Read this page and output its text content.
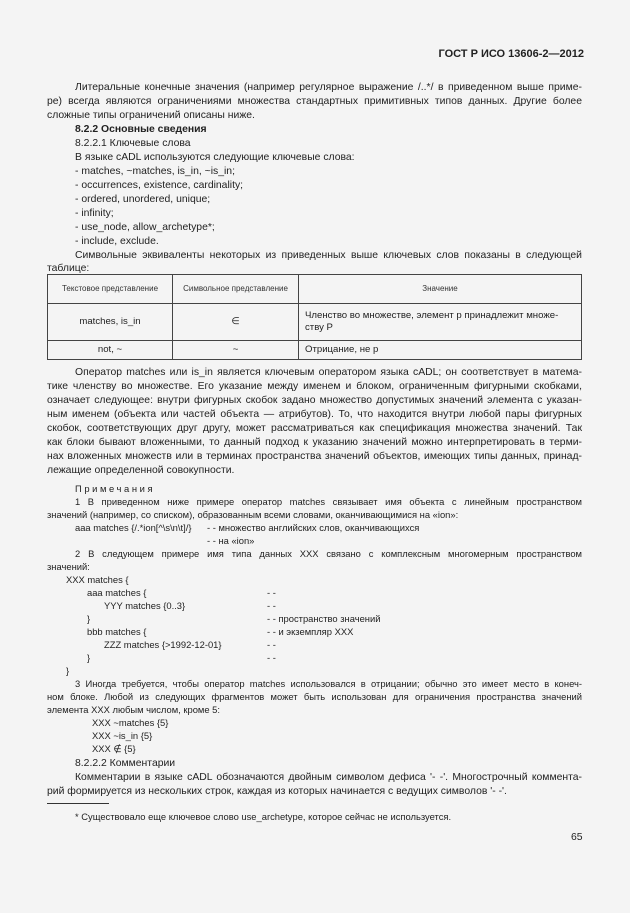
ГОСТ Р ИСО 13606-2—2012
Литеральные конечные значения (например регулярное выражение /..*/ в приведенном выше приме-
ре) всегда являются ограничениями множества стандартных примитивных типов данных. Другие более
сложные типы ограничений описаны ниже.
8.2.2 Основные сведения
8.2.2.1 Ключевые слова
В языке cADL используются следующие ключевые слова:
- matches, ~matches, is_in, ~is_in;
- occurrences, existence, cardinality;
- ordered, unordered, unique;
- infinity;
- use_node, allow_archetype*;
- include, exclude.
Символьные эквиваленты некоторых из приведенных выше ключевых слов показаны в следующей
таблице:
Текстовое представление	Символьное представление	Значение
matches, is_in	∈	Членство во множестве, элемент р принадлежит множе-ству Р
not, ~	~	Отрицание, не р
Оператор matches или is_in является ключевым оператором языка cADL; он соответствует в матема-
тике членству во множестве. Его указание между именем и блоком, ограниченным фигурными скобками,
означает следующее: внутри фигурных скобок задано множество допустимых значений элемента с указан-
ным именем (объекта или частей объекта — атрибутов). То, что находится внутри любой пары фигурных
скобок, соответствующих друг другу, может рассматриваться как спецификация множества значений. Так
как блоки бывают вложенными, то данный подход к указанию значений можно интерпретировать в терми-
нах вложенных множеств или в терминах пространства значений объектов, имеющих типы данных, принад-
лежащие определенной совокупности.
Примечания
1 В приведенном ниже примере оператор matches связывает имя объекта с линейным пространством
значений (например, со списком), образованным всеми словами, оканчивающимися на «ion»:
aaa matches {/.*ion[^\s\n\t]/} - - множество английских слов, оканчивающихся
- - на «ion»
2 В следующем примере имя типа данных XXX связано с комплексным многомерным пространством
значений:
XXX matches {
aaa matches {	- -
YYY matches {0..3}	- -
}	- - пространство значений
bbb matches {	- - и экземпляр XXX
ZZZ matches {>1992-12-01}	- -
}	- -
}
3 Иногда требуется, чтобы оператор matches использовался в отрицании; обычно это имеет место в конеч-
ном блоке. Любой из следующих фрагментов может быть использован для ограничения пространства значений
элемента XXX любым числом, кроме 5:
XXX ~matches {5}
XXX ~is_in {5}
XXX ∉ {5}
8.2.2.2 Комментарии
Комментарии в языке cADL обозначаются двойным символом дефиса '- -'. Многострочный коммента-
рий формируется из нескольких строк, каждая из которых начинается с ведущих символов '- -'.
* Существовало еще ключевое слово use_archetype, которое сейчас не используется.
65
